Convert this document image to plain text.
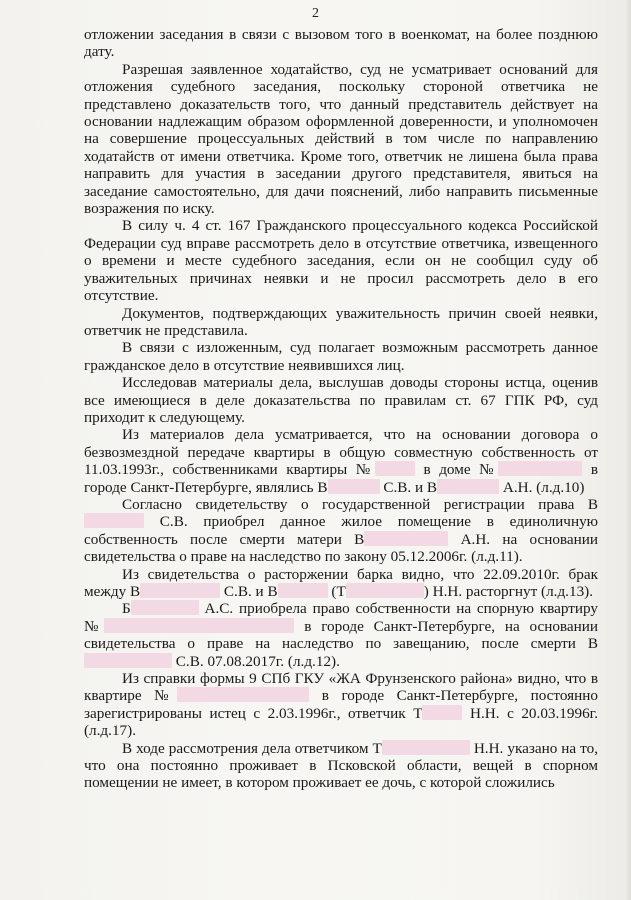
2

отложении заседания в связи с вызовом того в военкомат, на более позднюю дату.

Разрешая заявленное ходатайство, суд не усматривает оснований для отложения судебного заседания, поскольку стороной ответчика не представлено доказательств того, что данный представитель действует на основании надлежащим образом оформленной доверенности, и уполномочен на совершение процессуальных действий в том числе по направлению ходатайств от имени ответчика. Кроме того, ответчик не лишена была права направить для участия в заседании другого представителя, явиться на заседание самостоятельно, для дачи пояснений, либо направить письменные возражения по иску.

В силу ч. 4 ст. 167 Гражданского процессуального кодекса Российской Федерации суд вправе рассмотреть дело в отсутствие ответчика, извещенного о времени и месте судебного заседания, если он не сообщил суду об уважительных причинах неявки и не просил рассмотреть дело в его отсутствие.

Документов, подтверждающих уважительность причин своей неявки, ответчик не представила.

В связи с изложенным, суд полагает возможным рассмотреть данное гражданское дело в отсутствие неявившихся лиц.

Исследовав материалы дела, выслушав доводы стороны истца, оценив все имеющиеся в деле доказательства по правилам ст. 67 ГПК РФ, суд приходит к следующему.

Из материалов дела усматривается, что на основании договора о безвозмездной передаче квартиры в общую совместную собственность от 11.03.1993г., собственниками квартиры №	в доме №	в городе Санкт-Петербурге, являлись В	С.В. и В	А.Н. (л.д.10)

Согласно свидетельству о государственной регистрации права В С.В. приобрел данное жилое помещение в единоличную собственность после смерти матери В	А.Н. на основании свидетельства о праве на наследство по закону 05.12.2006г. (л.д.11).

Из свидетельства о расторжении барка видно, что 22.09.2010г. брак между В	С.В. и В	(Т	) Н.Н. расторгнут (л.д.13).

Б	А.С. приобрела право собственности на спорную квартиру №	в городе Санкт-Петербурге, на основании свидетельства о праве на наследство по завещанию, после смерти В С.В. 07.08.2017г. (л.д.12).

Из справки формы 9 СПб ГКУ «ЖА Фрунзенского района» видно, что в квартире №	в городе Санкт-Петербурге, постоянно зарегистрированы истец с 2.03.1996г., ответчик Т	Н.Н. с 20.03.1996г. (л.д.17).

В ходе рассмотрения дела ответчиком Т	Н.Н. указано на то, что она постоянно проживает в Псковской области, вещей в спорном помещении не имеет, в котором проживает ее дочь, с которой сложились
